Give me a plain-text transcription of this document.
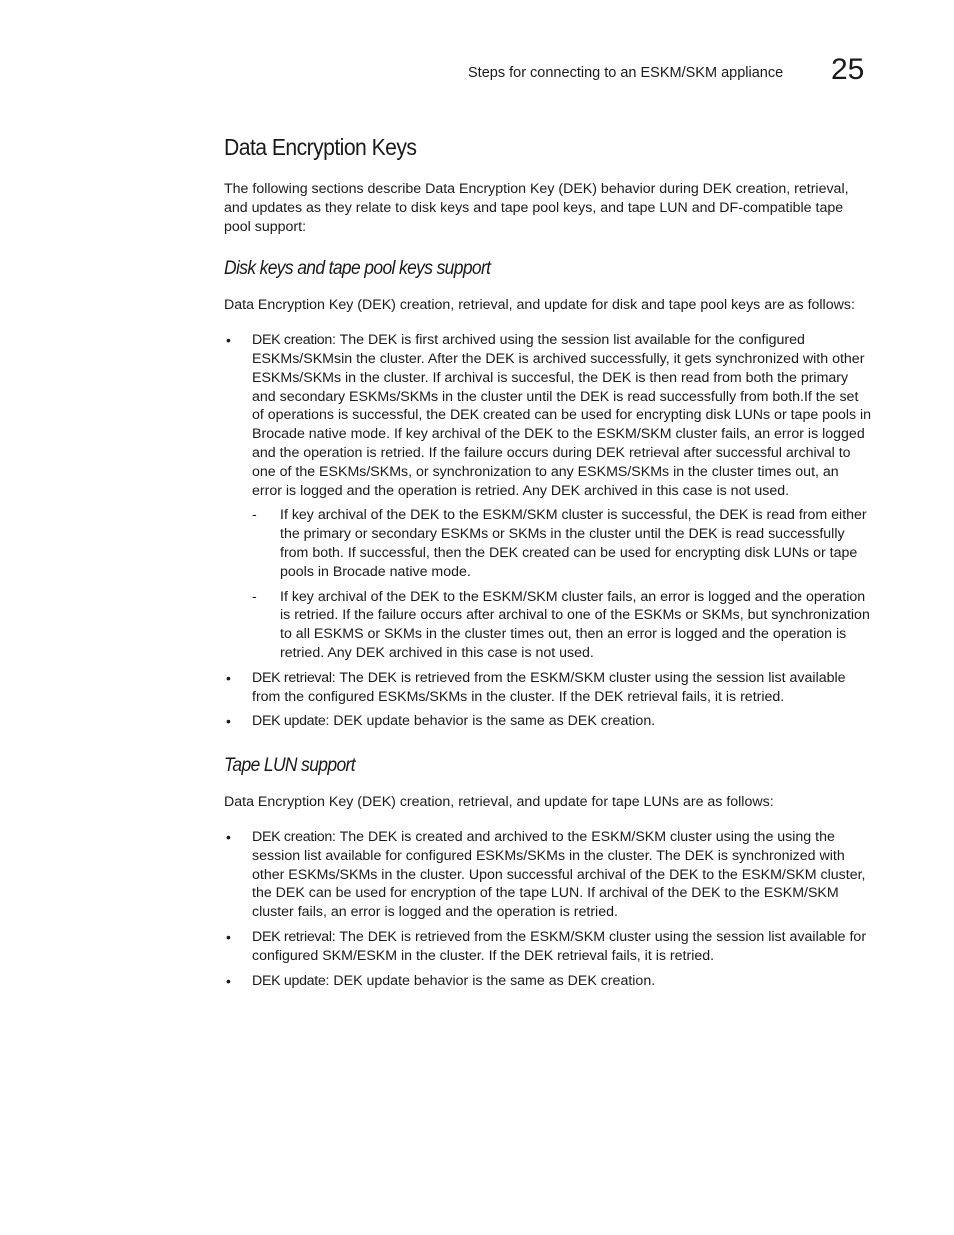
Steps for connecting to an ESKM/SKM appliance 25
Data Encryption Keys

The following sections describe Data Encryption Key (DEK) behavior during DEK creation, retrieval, and updates as they relate to disk keys and tape pool keys, and tape LUN and DF-compatible tape pool support:

Disk keys and tape pool keys support

Data Encryption Key (DEK) creation, retrieval, and update for disk and tape pool keys are as follows:

• DEK creation: The DEK is first archived using the session list available for the configured ESKMs/SKMsin the cluster. After the DEK is archived successfully, it gets synchronized with other ESKMs/SKMs in the cluster. If archival is succesful, the DEK is then read from both the primary and secondary ESKMs/SKMs in the cluster until the DEK is read successfully from both.If the set of operations is successful, the DEK created can be used for encrypting disk LUNs or tape pools in Brocade native mode. If key archival of the DEK to the ESKM/SKM cluster fails, an error is logged and the operation is retried. If the failure occurs during DEK retrieval after successful archival to one of the ESKMs/SKMs, or synchronization to any ESKMS/SKMs in the cluster times out, an error is logged and the operation is retried. Any DEK archived in this case is not used.
- If key archival of the DEK to the ESKM/SKM cluster is successful, the DEK is read from either the primary or secondary ESKMs or SKMs in the cluster until the DEK is read successfully from both. If successful, then the DEK created can be used for encrypting disk LUNs or tape pools in Brocade native mode.
- If key archival of the DEK to the ESKM/SKM cluster fails, an error is logged and the operation is retried. If the failure occurs after archival to one of the ESKMs or SKMs, but synchronization to all ESKMS or SKMs in the cluster times out, then an error is logged and the operation is retried. Any DEK archived in this case is not used.
• DEK retrieval: The DEK is retrieved from the ESKM/SKM cluster using the session list available from the configured ESKMs/SKMs in the cluster. If the DEK retrieval fails, it is retried.
• DEK update: DEK update behavior is the same as DEK creation.
Tape LUN support

Data Encryption Key (DEK) creation, retrieval, and update for tape LUNs are as follows:

• DEK creation: The DEK is created and archived to the ESKM/SKM cluster using the using the session list available for configured ESKMs/SKMs in the cluster. The DEK is synchronized with other ESKMs/SKMs in the cluster. Upon successful archival of the DEK to the ESKM/SKM cluster, the DEK can be used for encryption of the tape LUN. If archival of the DEK to the ESKM/SKM cluster fails, an error is logged and the operation is retried.
• DEK retrieval: The DEK is retrieved from the ESKM/SKM cluster using the session list available for configured SKM/ESKM in the cluster. If the DEK retrieval fails, it is retried.
• DEK update: DEK update behavior is the same as DEK creation.
